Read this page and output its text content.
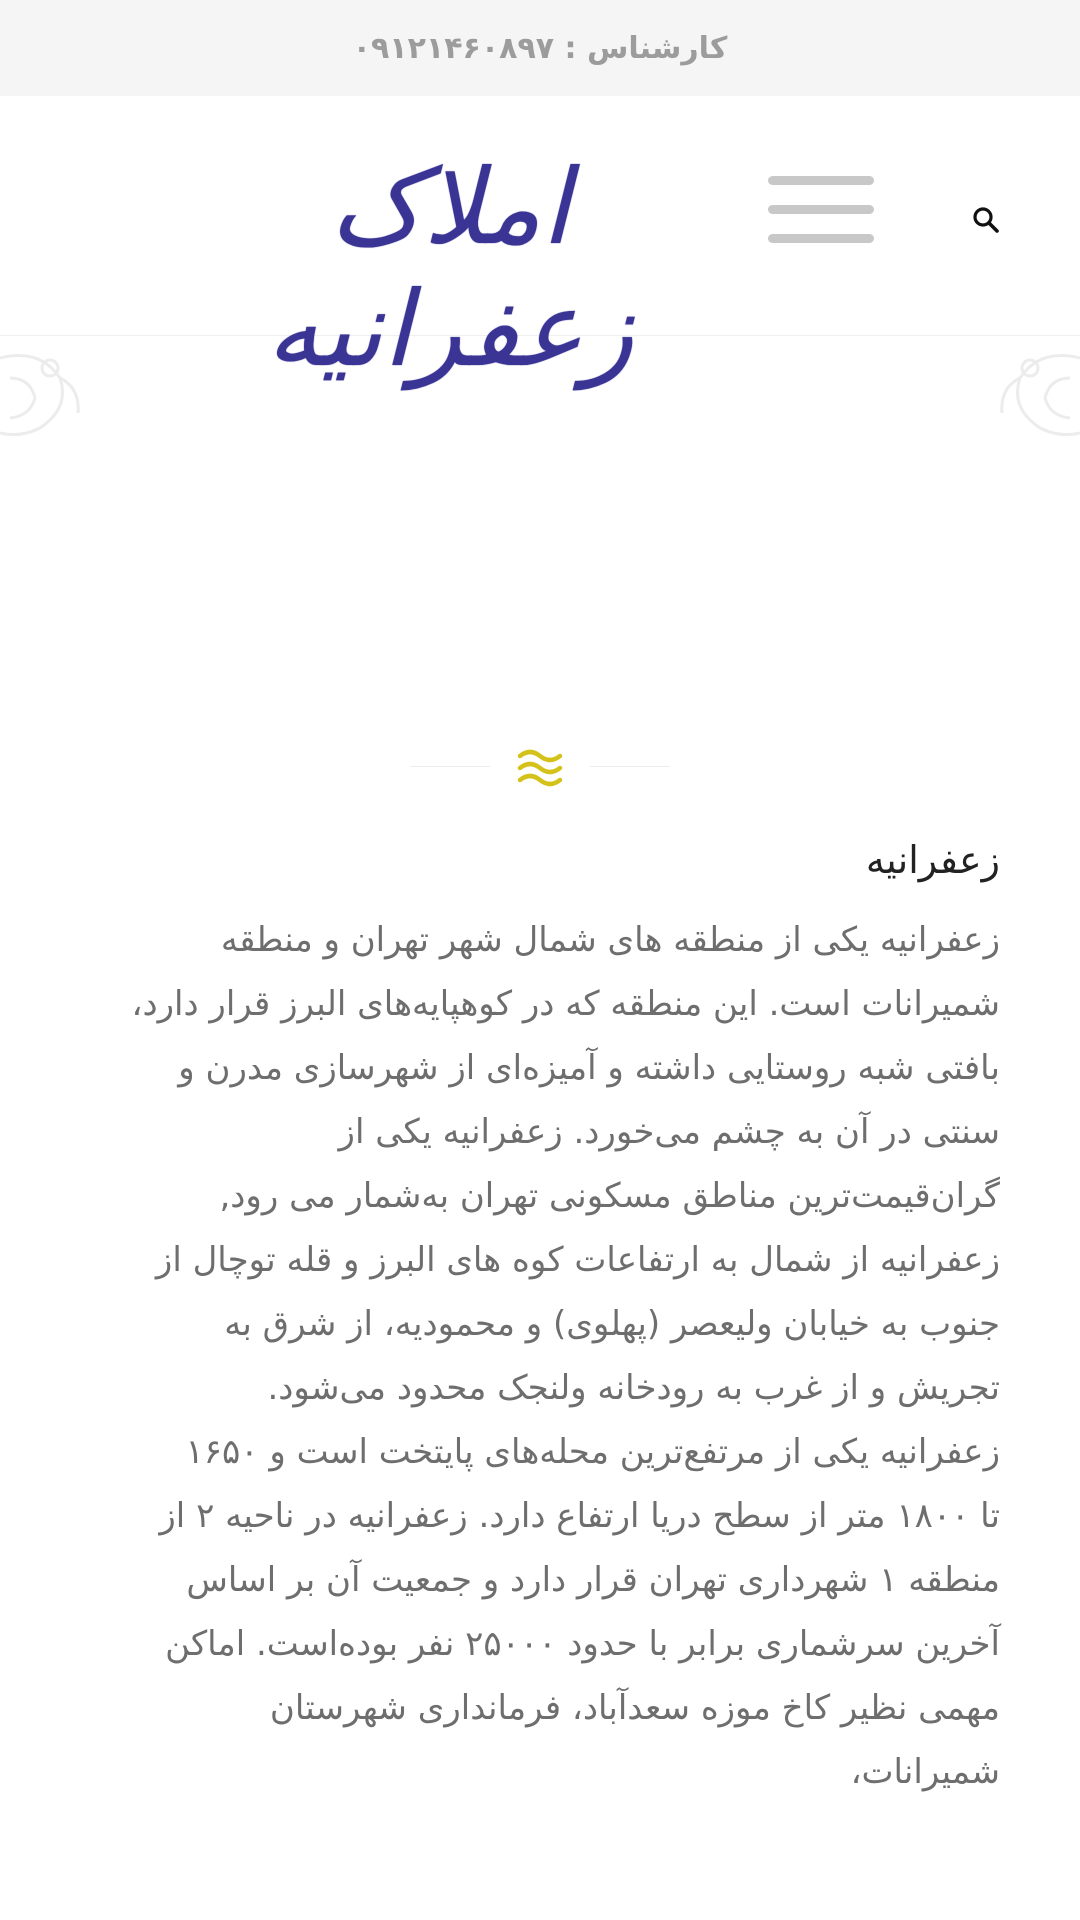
کارشناس : ۰۹۱۲۱۴۶۰۸۹۷
املاک زعفرانیه
زعفرانیه

زعفرانیه یکی از منطقه های شمال شهر تهران و منطقه
شمیرانات است. این منطقه که در کوهپایه‌های البرز قرار دارد،
بافتی شبه روستایی داشته و آمیزه‌ای از شهرسازی مدرن و
سنتی در آن به چشم می‌خورد. زعفرانیه یکی از
گران‌قیمت‌ترین مناطق مسکونی تهران به‌شمار می رود,
زعفرانیه از شمال به ارتفاعات کوه های البرز و قله توچال از
جنوب به خیابان ولیعصر (پهلوی) و محمودیه، از شرق به
تجریش و از غرب به رودخانه ولنجک محدود می‌شود.
زعفرانیه یکی از مرتفع‌ترین محله‌های پایتخت است و ۱۶۵۰
تا ۱۸۰۰ متر از سطح دریا ارتفاع دارد. زعفرانیه در ناحیه ۲ از
منطقه ۱ شهرداری تهران قرار دارد و جمعیت آن بر اساس
آخرین سرشماری برابر با حدود ۲۵۰۰۰ نفر بوده‌است. اماکن
مهمی نظیر کاخ موزه سعدآباد، فرمانداری شهرستان
شمیرانات،
